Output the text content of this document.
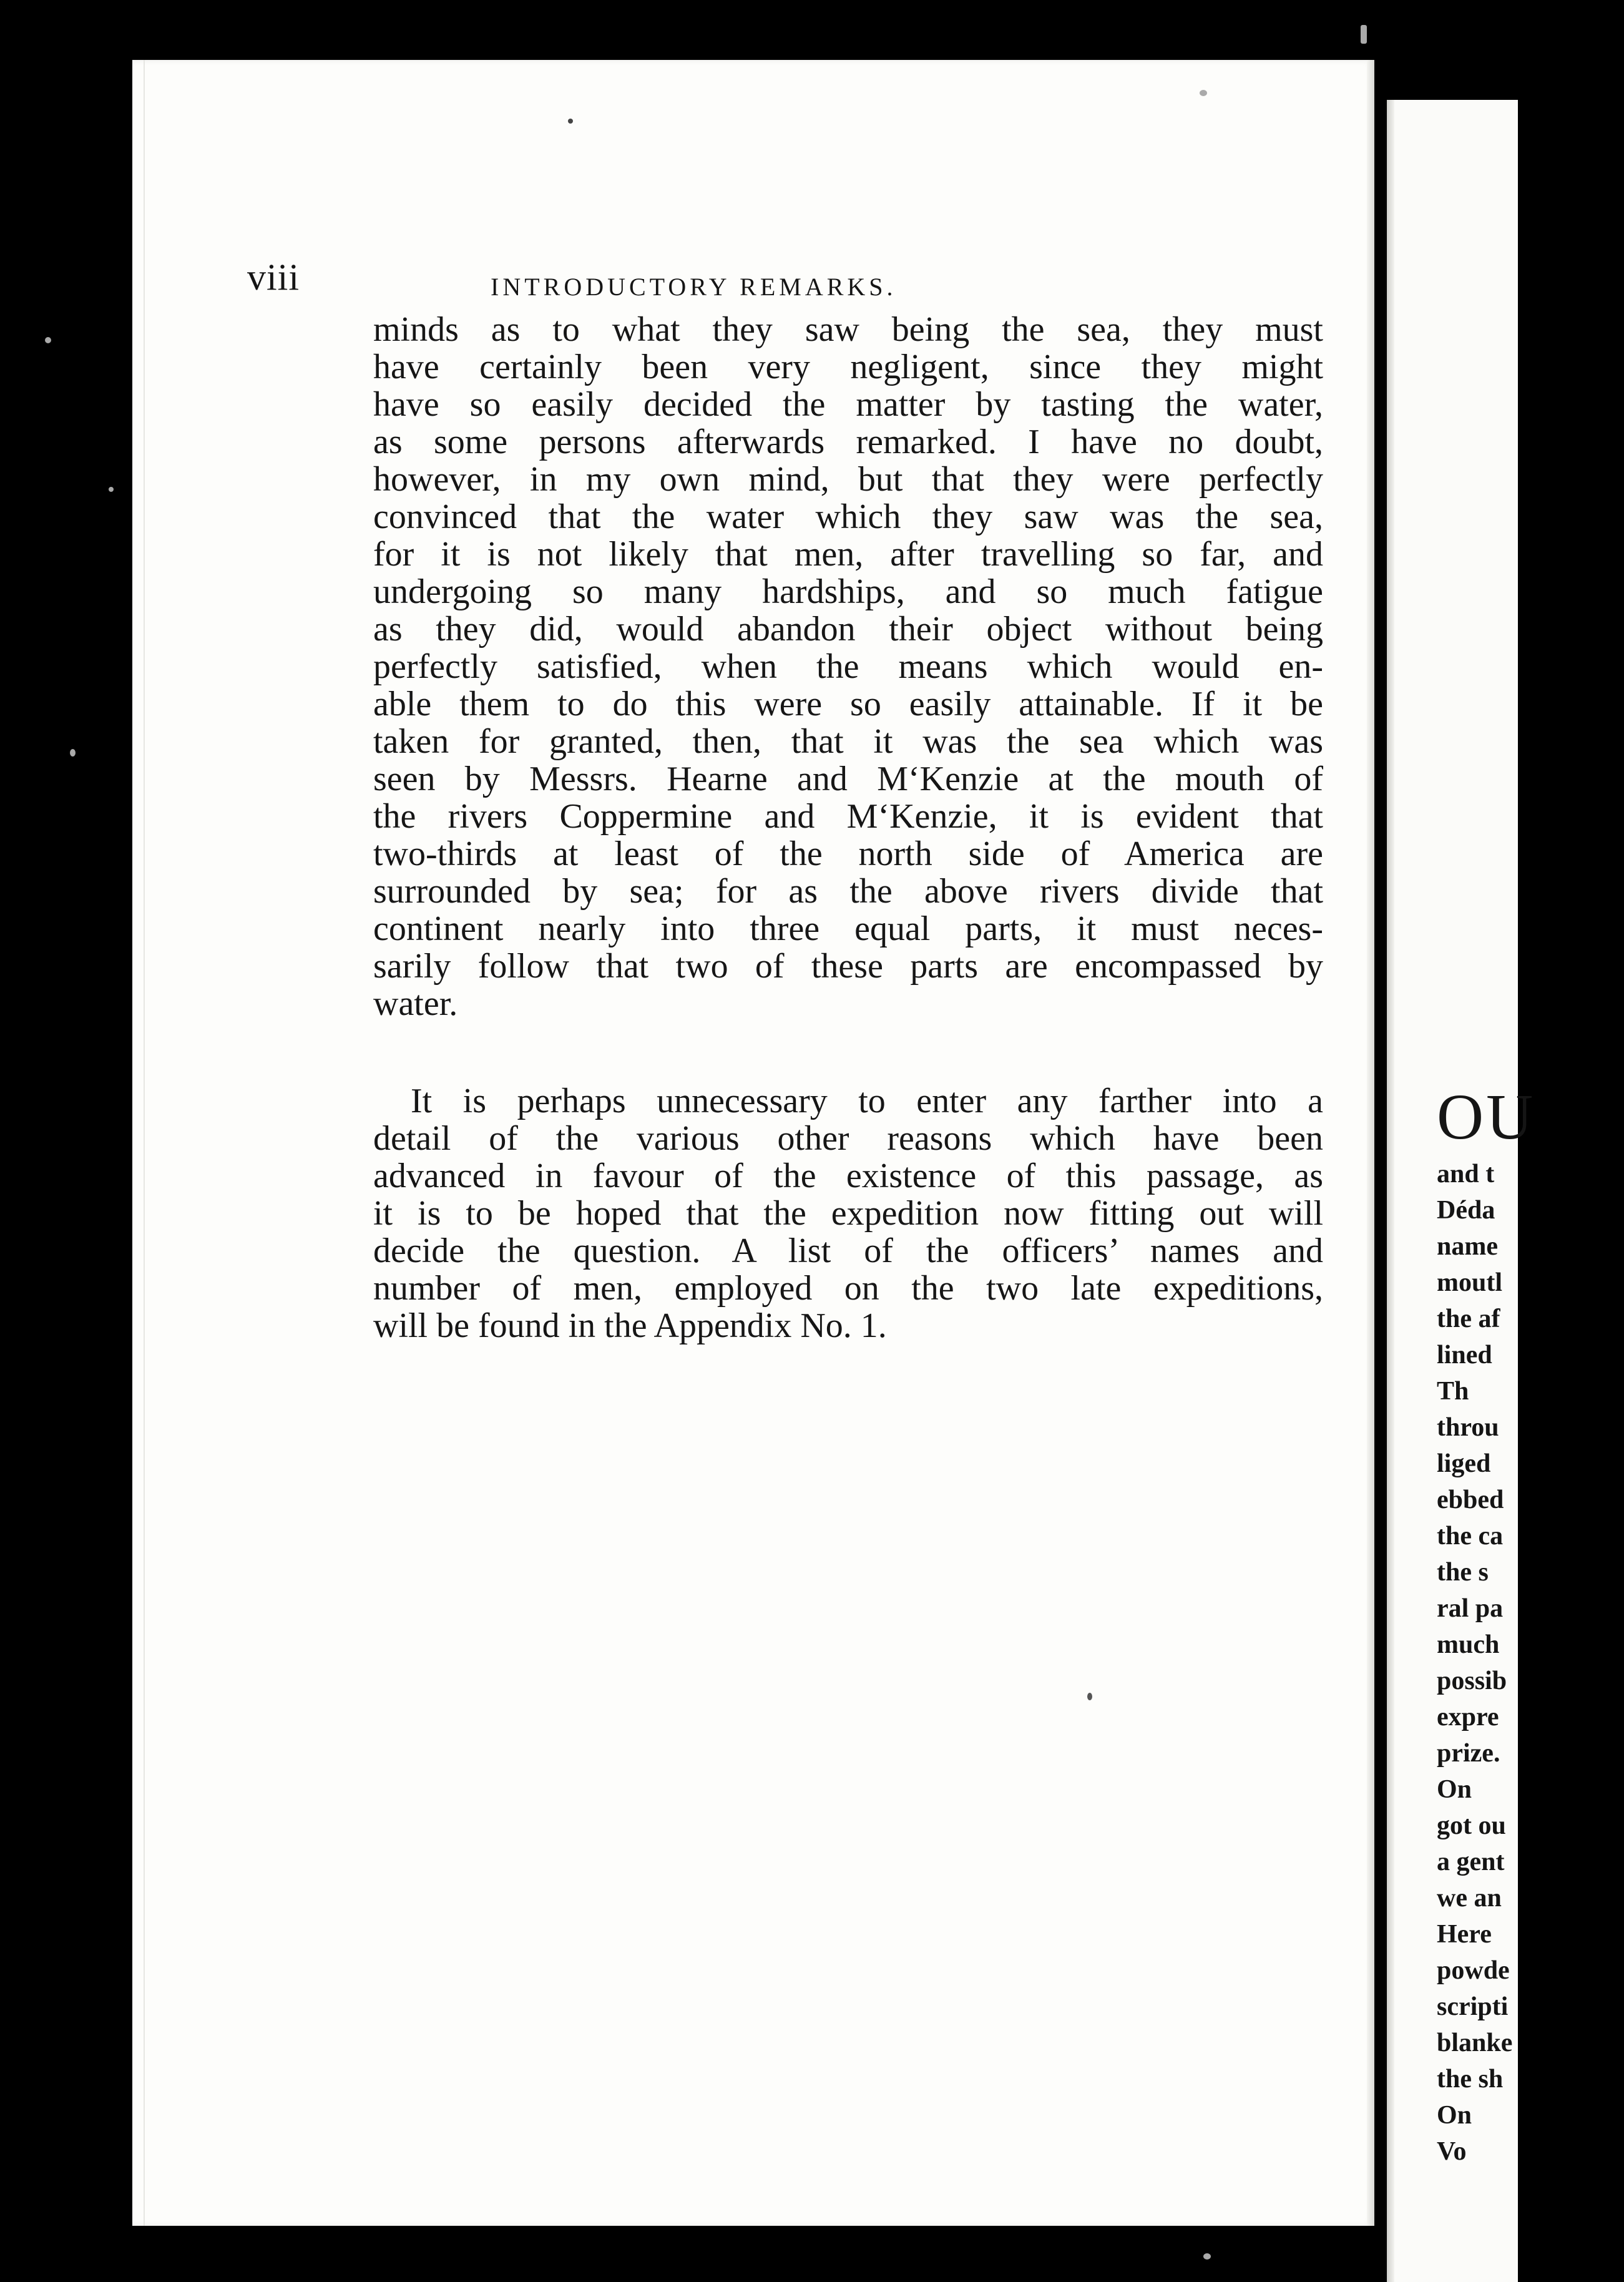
viii	INTRODUCTORY REMARKS.
minds as to what they saw being the sea, they must
have certainly been very negligent, since they might
have so easily decided the matter by tasting the water,
as some persons afterwards remarked. I have no doubt,
however, in my own mind, but that they were perfectly
convinced that the water which they saw was the sea,
for it is not likely that men, after travelling so far, and
undergoing so many hardships, and so much fatigue
as they did, would abandon their object without being
perfectly satisfied, when the means which would en-
able them to do this were so easily attainable. If it be
taken for granted, then, that it was the sea which was
seen by Messrs. Hearne and M‘Kenzie at the mouth of
the rivers Coppermine and M‘Kenzie, it is evident that
two-thirds at least of the north side of America are
surrounded by sea; for as the above rivers divide that
continent nearly into three equal parts, it must neces-
sarily follow that two of these parts are encompassed by
water.
It is perhaps unnecessary to enter any farther into a
detail of the various other reasons which have been
advanced in favour of the existence of this passage, as
it is to be hoped that the expedition now fitting out will
decide the question. A list of the officers’ names and
number of men, employed on the two late expeditions,
will be found in the Appendix No. 1.
OU
and t
Déda
name
moutl
the af
lined
Th
throu
liged
ebbed
the ca
the s
ral pa
much
possib
expre
prize.
On
got ou
a gent
we an
Here
powde
scripti
blanke
the sh
On
Vo
